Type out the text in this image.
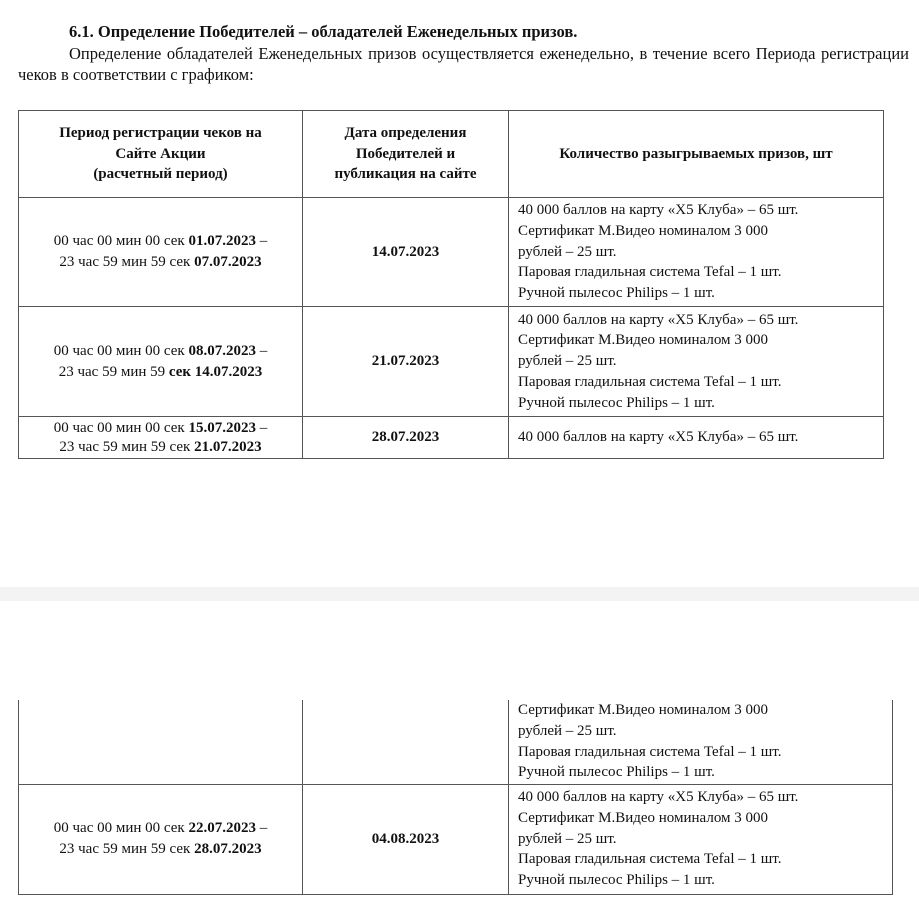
6.1. Определение Победителей – обладателей Еженедельных призов.
Определение обладателей Еженедельных призов осуществляется еженедельно, в течение всего Периода регистрации чеков в соответствии с графиком:
Период регистрации чеков на
Сайте Акции
(расчетный период)	Дата определения
Победителей и
публикация на сайте	Количество разыгрываемых призов, шт
00 час 00 мин 00 сек 01.07.2023 –
23 час 59 мин 59 сек 07.07.2023	14.07.2023	40 000 баллов на карту «Х5 Клуба» – 65 шт.
Сертификат М.Видео номиналом 3 000
рублей – 25 шт.
Паровая гладильная система Tefal – 1 шт.
Ручной пылесос Philips – 1 шт.

00 час 00 мин 00 сек 08.07.2023 –
23 час 59 мин 59 сек 14.07.2023	21.07.2023	40 000 баллов на карту «Х5 Клуба» – 65 шт.
Сертификат М.Видео номиналом 3 000
рублей – 25 шт.
Паровая гладильная система Tefal – 1 шт.
Ручной пылесос Philips – 1 шт.

00 час 00 мин 00 сек 15.07.2023 –
23 час 59 мин 59 сек 21.07.2023	28.07.2023	40 000 баллов на карту «Х5 Клуба» – 65 шт.

		Сертификат М.Видео номиналом 3 000
рублей – 25 шт.
Паровая гладильная система Tefal – 1 шт.
Ручной пылесос Philips – 1 шт.

00 час 00 мин 00 сек 22.07.2023 –
23 час 59 мин 59 сек 28.07.2023	04.08.2023	40 000 баллов на карту «Х5 Клуба» – 65 шт.
Сертификат М.Видео номиналом 3 000
рублей – 25 шт.
Паровая гладильная система Tefal – 1 шт.
Ручной пылесос Philips – 1 шт.
